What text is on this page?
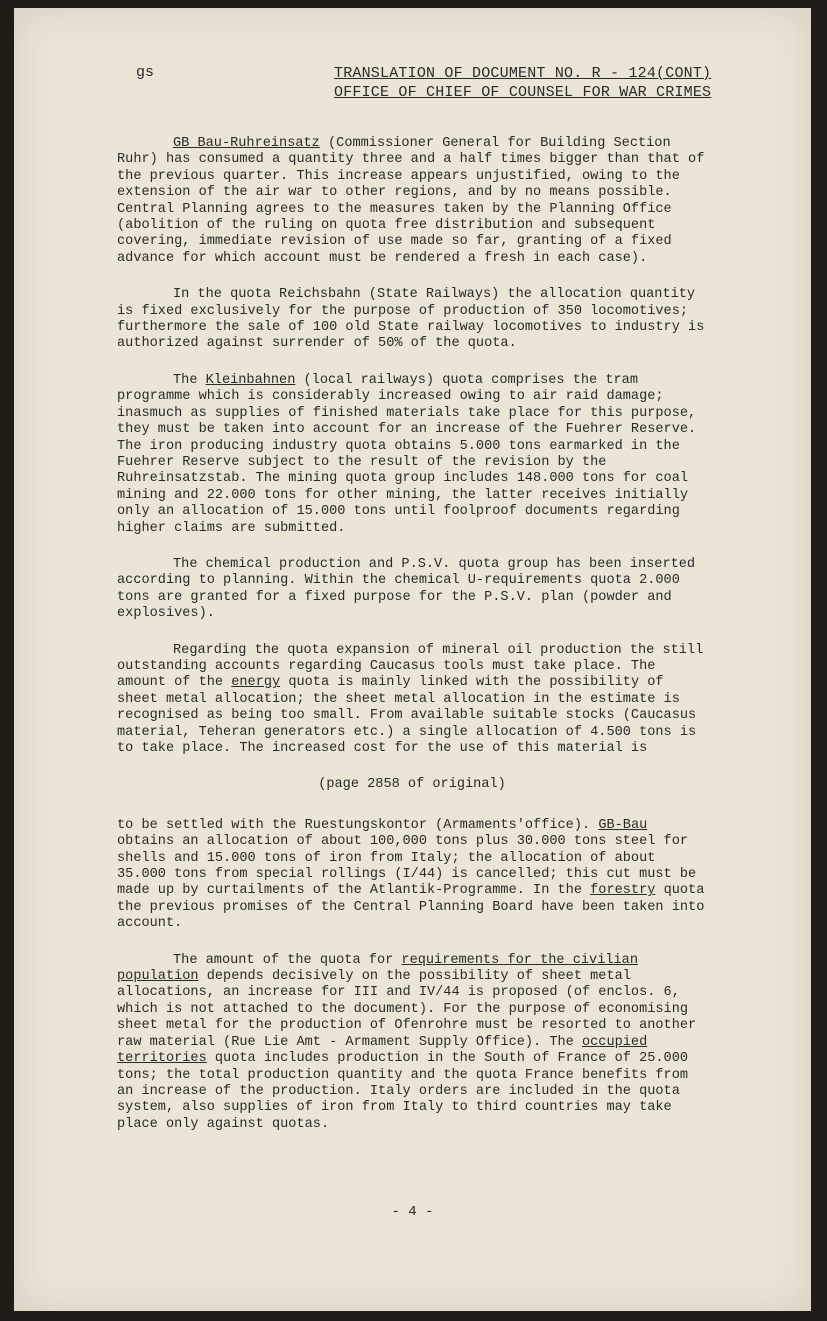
gs	TRANSLATION OF DOCUMENT NO. R - 124(CONT)
OFFICE OF CHIEF OF COUNSEL FOR WAR CRIMES

GB Bau-Ruhreinsatz (Commissioner General for Building Section Ruhr) has consumed a quantity three and a half times bigger than that of the previous quarter. This increase appears unjustified, owing to the extension of the air war to other regions, and by no means possible. Central Planning agrees to the measures taken by the Planning Office (abolition of the ruling on quota free distribution and subsequent covering, immediate revision of use made so far, granting of a fixed advance for which account must be rendered a fresh in each case).

In the quota Reichsbahn (State Railways) the allocation quantity is fixed exclusively for the purpose of production of 350 locomotives; furthermore the sale of 100 old State railway locomotives to industry is authorized against surrender of 50% of the quota.

The Kleinbahnen (local railways) quota comprises the tram programme which is considerably increased owing to air raid damage; inasmuch as supplies of finished materials take place for this purpose, they must be taken into account for an increase of the Fuehrer Reserve. The iron producing industry quota obtains 5.000 tons earmarked in the Fuehrer Reserve subject to the result of the revision by the Ruhreinsatzstab. The mining quota group includes 148.000 tons for coal mining and 22.000 tons for other mining, the latter receives initially only an allocation of 15.000 tons until foolproof documents regarding higher claims are submitted.

The chemical production and P.S.V. quota group has been inserted according to planning. Within the chemical U-requirements quota 2.000 tons are granted for a fixed purpose for the P.S.V. plan (powder and explosives).

Regarding the quota expansion of mineral oil production the still outstanding accounts regarding Caucasus tools must take place. The amount of the energy quota is mainly linked with the possibility of sheet metal allocation; the sheet metal allocation in the estimate is recognised as being too small. From available suitable stocks (Caucasus material, Teheran generators etc.) a single allocation of 4.500 tons is to take place. The increased cost for the use of this material is

(page 2858 of original)

to be settled with the Ruestungskontor (Armaments'office). GB-Bau obtains an allocation of about 100,000 tons plus 30.000 tons steel for shells and 15.000 tons of iron from Italy; the allocation of about 35.000 tons from special rollings (I/44) is cancelled; this cut must be made up by curtailments of the Atlantik-Programme. In the forestry quota the previous promises of the Central Planning Board have been taken into account.

The amount of the quota for requirements for the civilian population depends decisively on the possibility of sheet metal allocations, an increase for III and IV/44 is proposed (of enclos. 6, which is not attached to the document). For the purpose of economising sheet metal for the production of Ofenrohre must be resorted to another raw material (Rue Lie Amt - Armament Supply Office). The occupied territories quota includes production in the South of France of 25.000 tons; the total production quantity and the quota France benefits from an increase of the production. Italy orders are included in the quota system, also supplies of iron from Italy to third countries may take place only against quotas.

- 4 -
